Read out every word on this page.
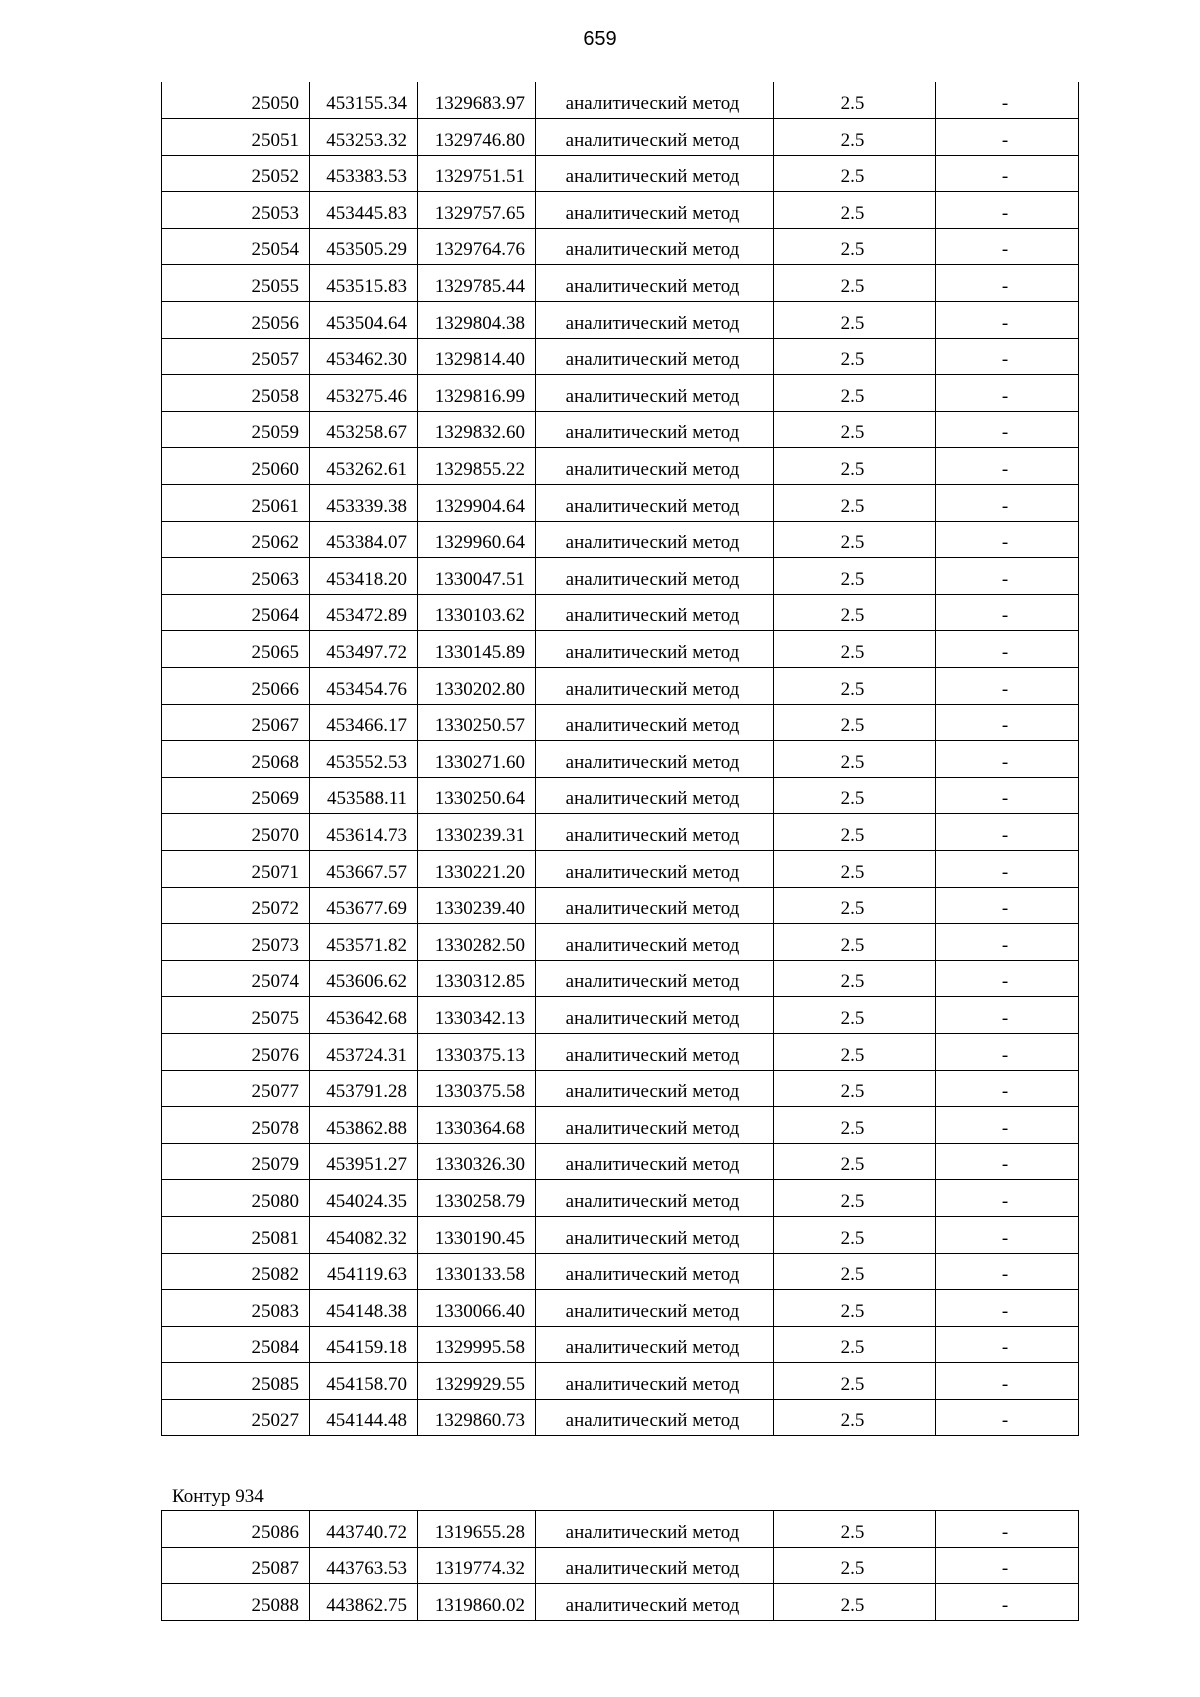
659
25050	453155.34	1329683.97	аналитический метод	2.5	-
25051	453253.32	1329746.80	аналитический метод	2.5	-
25052	453383.53	1329751.51	аналитический метод	2.5	-
25053	453445.83	1329757.65	аналитический метод	2.5	-
25054	453505.29	1329764.76	аналитический метод	2.5	-
25055	453515.83	1329785.44	аналитический метод	2.5	-
25056	453504.64	1329804.38	аналитический метод	2.5	-
25057	453462.30	1329814.40	аналитический метод	2.5	-
25058	453275.46	1329816.99	аналитический метод	2.5	-
25059	453258.67	1329832.60	аналитический метод	2.5	-
25060	453262.61	1329855.22	аналитический метод	2.5	-
25061	453339.38	1329904.64	аналитический метод	2.5	-
25062	453384.07	1329960.64	аналитический метод	2.5	-
25063	453418.20	1330047.51	аналитический метод	2.5	-
25064	453472.89	1330103.62	аналитический метод	2.5	-
25065	453497.72	1330145.89	аналитический метод	2.5	-
25066	453454.76	1330202.80	аналитический метод	2.5	-
25067	453466.17	1330250.57	аналитический метод	2.5	-
25068	453552.53	1330271.60	аналитический метод	2.5	-
25069	453588.11	1330250.64	аналитический метод	2.5	-
25070	453614.73	1330239.31	аналитический метод	2.5	-
25071	453667.57	1330221.20	аналитический метод	2.5	-
25072	453677.69	1330239.40	аналитический метод	2.5	-
25073	453571.82	1330282.50	аналитический метод	2.5	-
25074	453606.62	1330312.85	аналитический метод	2.5	-
25075	453642.68	1330342.13	аналитический метод	2.5	-
25076	453724.31	1330375.13	аналитический метод	2.5	-
25077	453791.28	1330375.58	аналитический метод	2.5	-
25078	453862.88	1330364.68	аналитический метод	2.5	-
25079	453951.27	1330326.30	аналитический метод	2.5	-
25080	454024.35	1330258.79	аналитический метод	2.5	-
25081	454082.32	1330190.45	аналитический метод	2.5	-
25082	454119.63	1330133.58	аналитический метод	2.5	-
25083	454148.38	1330066.40	аналитический метод	2.5	-
25084	454159.18	1329995.58	аналитический метод	2.5	-
25085	454158.70	1329929.55	аналитический метод	2.5	-
25027	454144.48	1329860.73	аналитический метод	2.5	-
Контур 934
25086	443740.72	1319655.28	аналитический метод	2.5	-
25087	443763.53	1319774.32	аналитический метод	2.5	-
25088	443862.75	1319860.02	аналитический метод	2.5	-
